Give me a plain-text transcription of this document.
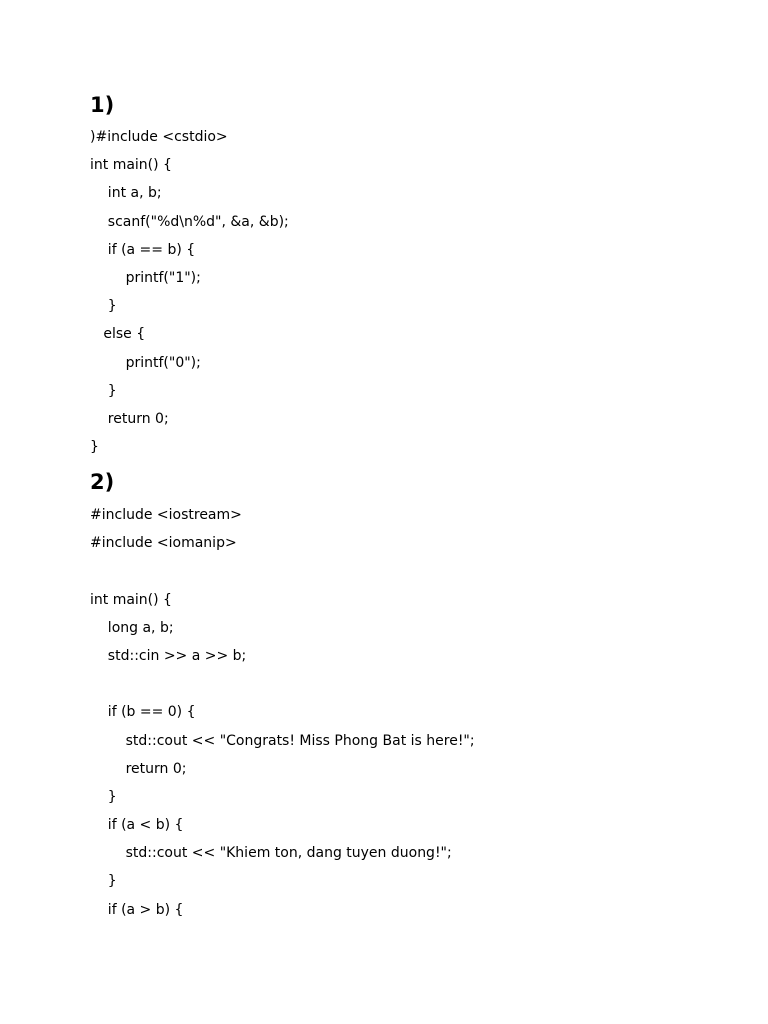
1)
)#include <cstdio>
int main() {
int a, b;
scanf("%d\n%d", &a, &b);
if (a == b) {
printf("1");
}
else {
printf("0");
}
return 0;
}
2)
#include <iostream>
#include <iomanip>
int main() {
long a, b;
std::cin >> a >> b;
if (b == 0) {
std::cout << "Congrats! Miss Phong Bat is here!";
return 0;
}
if (a < b) {
std::cout << "Khiem ton, dang tuyen duong!";
}
if (a > b) {
